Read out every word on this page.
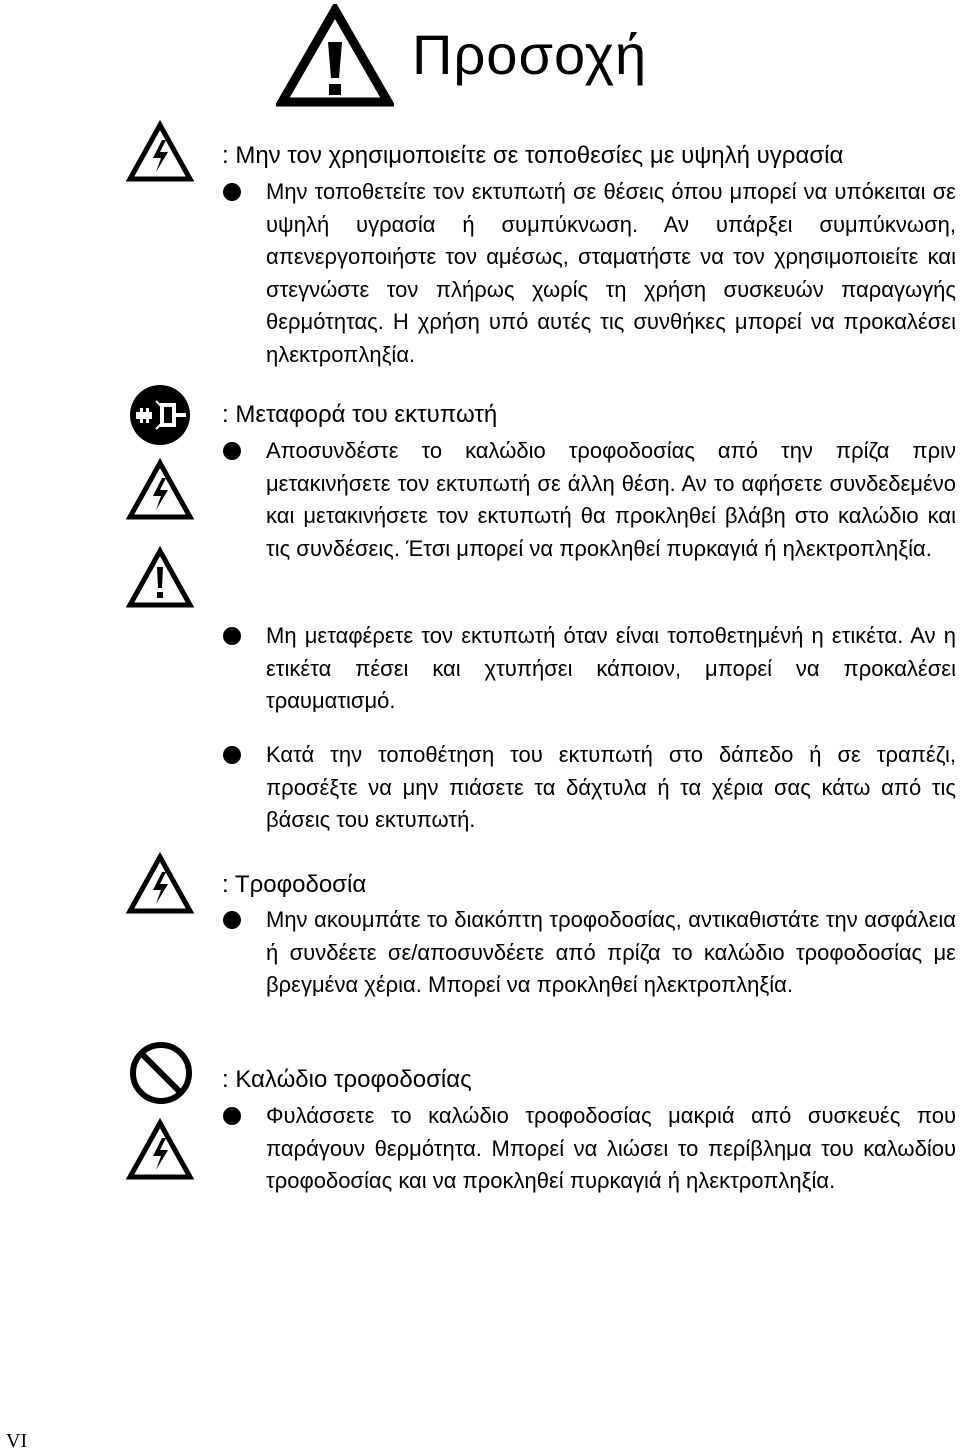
Προσοχή
: Μην τον χρησιμοποιείτε σε τοποθεσίες με υψηλή υγρασία

Μην τοποθετείτε τον εκτυπωτή σε θέσεις όπου μπορεί να υπόκειται σε υψηλή υγρασία ή συμπύκνωση. Αν υπάρξει συμπύκνωση, απενεργοποιήστε τον αμέσως, σταματήστε να τον χρησιμοποιείτε και στεγνώστε τον πλήρως χωρίς τη χρήση συσκευών παραγωγής θερμότητας. Η χρήση υπό αυτές τις συνθήκες μπορεί να προκαλέσει ηλεκτροπληξία.

: Μεταφορά του εκτυπωτή

Αποσυνδέστε το καλώδιο τροφοδοσίας από την πρίζα πριν μετακινήσετε τον εκτυπωτή σε άλλη θέση. Αν το αφήσετε συνδεδεμένο και μετακινήσετε τον εκτυπωτή θα προκληθεί βλάβη στο καλώδιο και τις συνδέσεις. Έτσι μπορεί να προκληθεί πυρκαγιά ή ηλεκτροπληξία.

Μη μεταφέρετε τον εκτυπωτή όταν είναι τοποθετημένή η ετικέτα. Αν η ετικέτα πέσει και χτυπήσει κάποιον, μπορεί να προκαλέσει τραυματισμό.

Κατά την τοποθέτηση του εκτυπωτή στο δάπεδο ή σε τραπέζι, προσέξτε να μην πιάσετε τα δάχτυλα ή τα χέρια σας κάτω από τις βάσεις του εκτυπωτή.

: Τροφοδοσία

Μην ακουμπάτε το διακόπτη τροφοδοσίας, αντικαθιστάτε την ασφάλεια ή συνδέετε σε/αποσυνδέετε από πρίζα το καλώδιο τροφοδοσίας με βρεγμένα χέρια. Μπορεί να προκληθεί ηλεκτροπληξία.

: Καλώδιο τροφοδοσίας

Φυλάσσετε το καλώδιο τροφοδοσίας μακριά από συσκευές που παράγουν θερμότητα. Μπορεί να λιώσει το περίβλημα του καλωδίου τροφοδοσίας και να προκληθεί πυρκαγιά ή ηλεκτροπληξία.

VI
